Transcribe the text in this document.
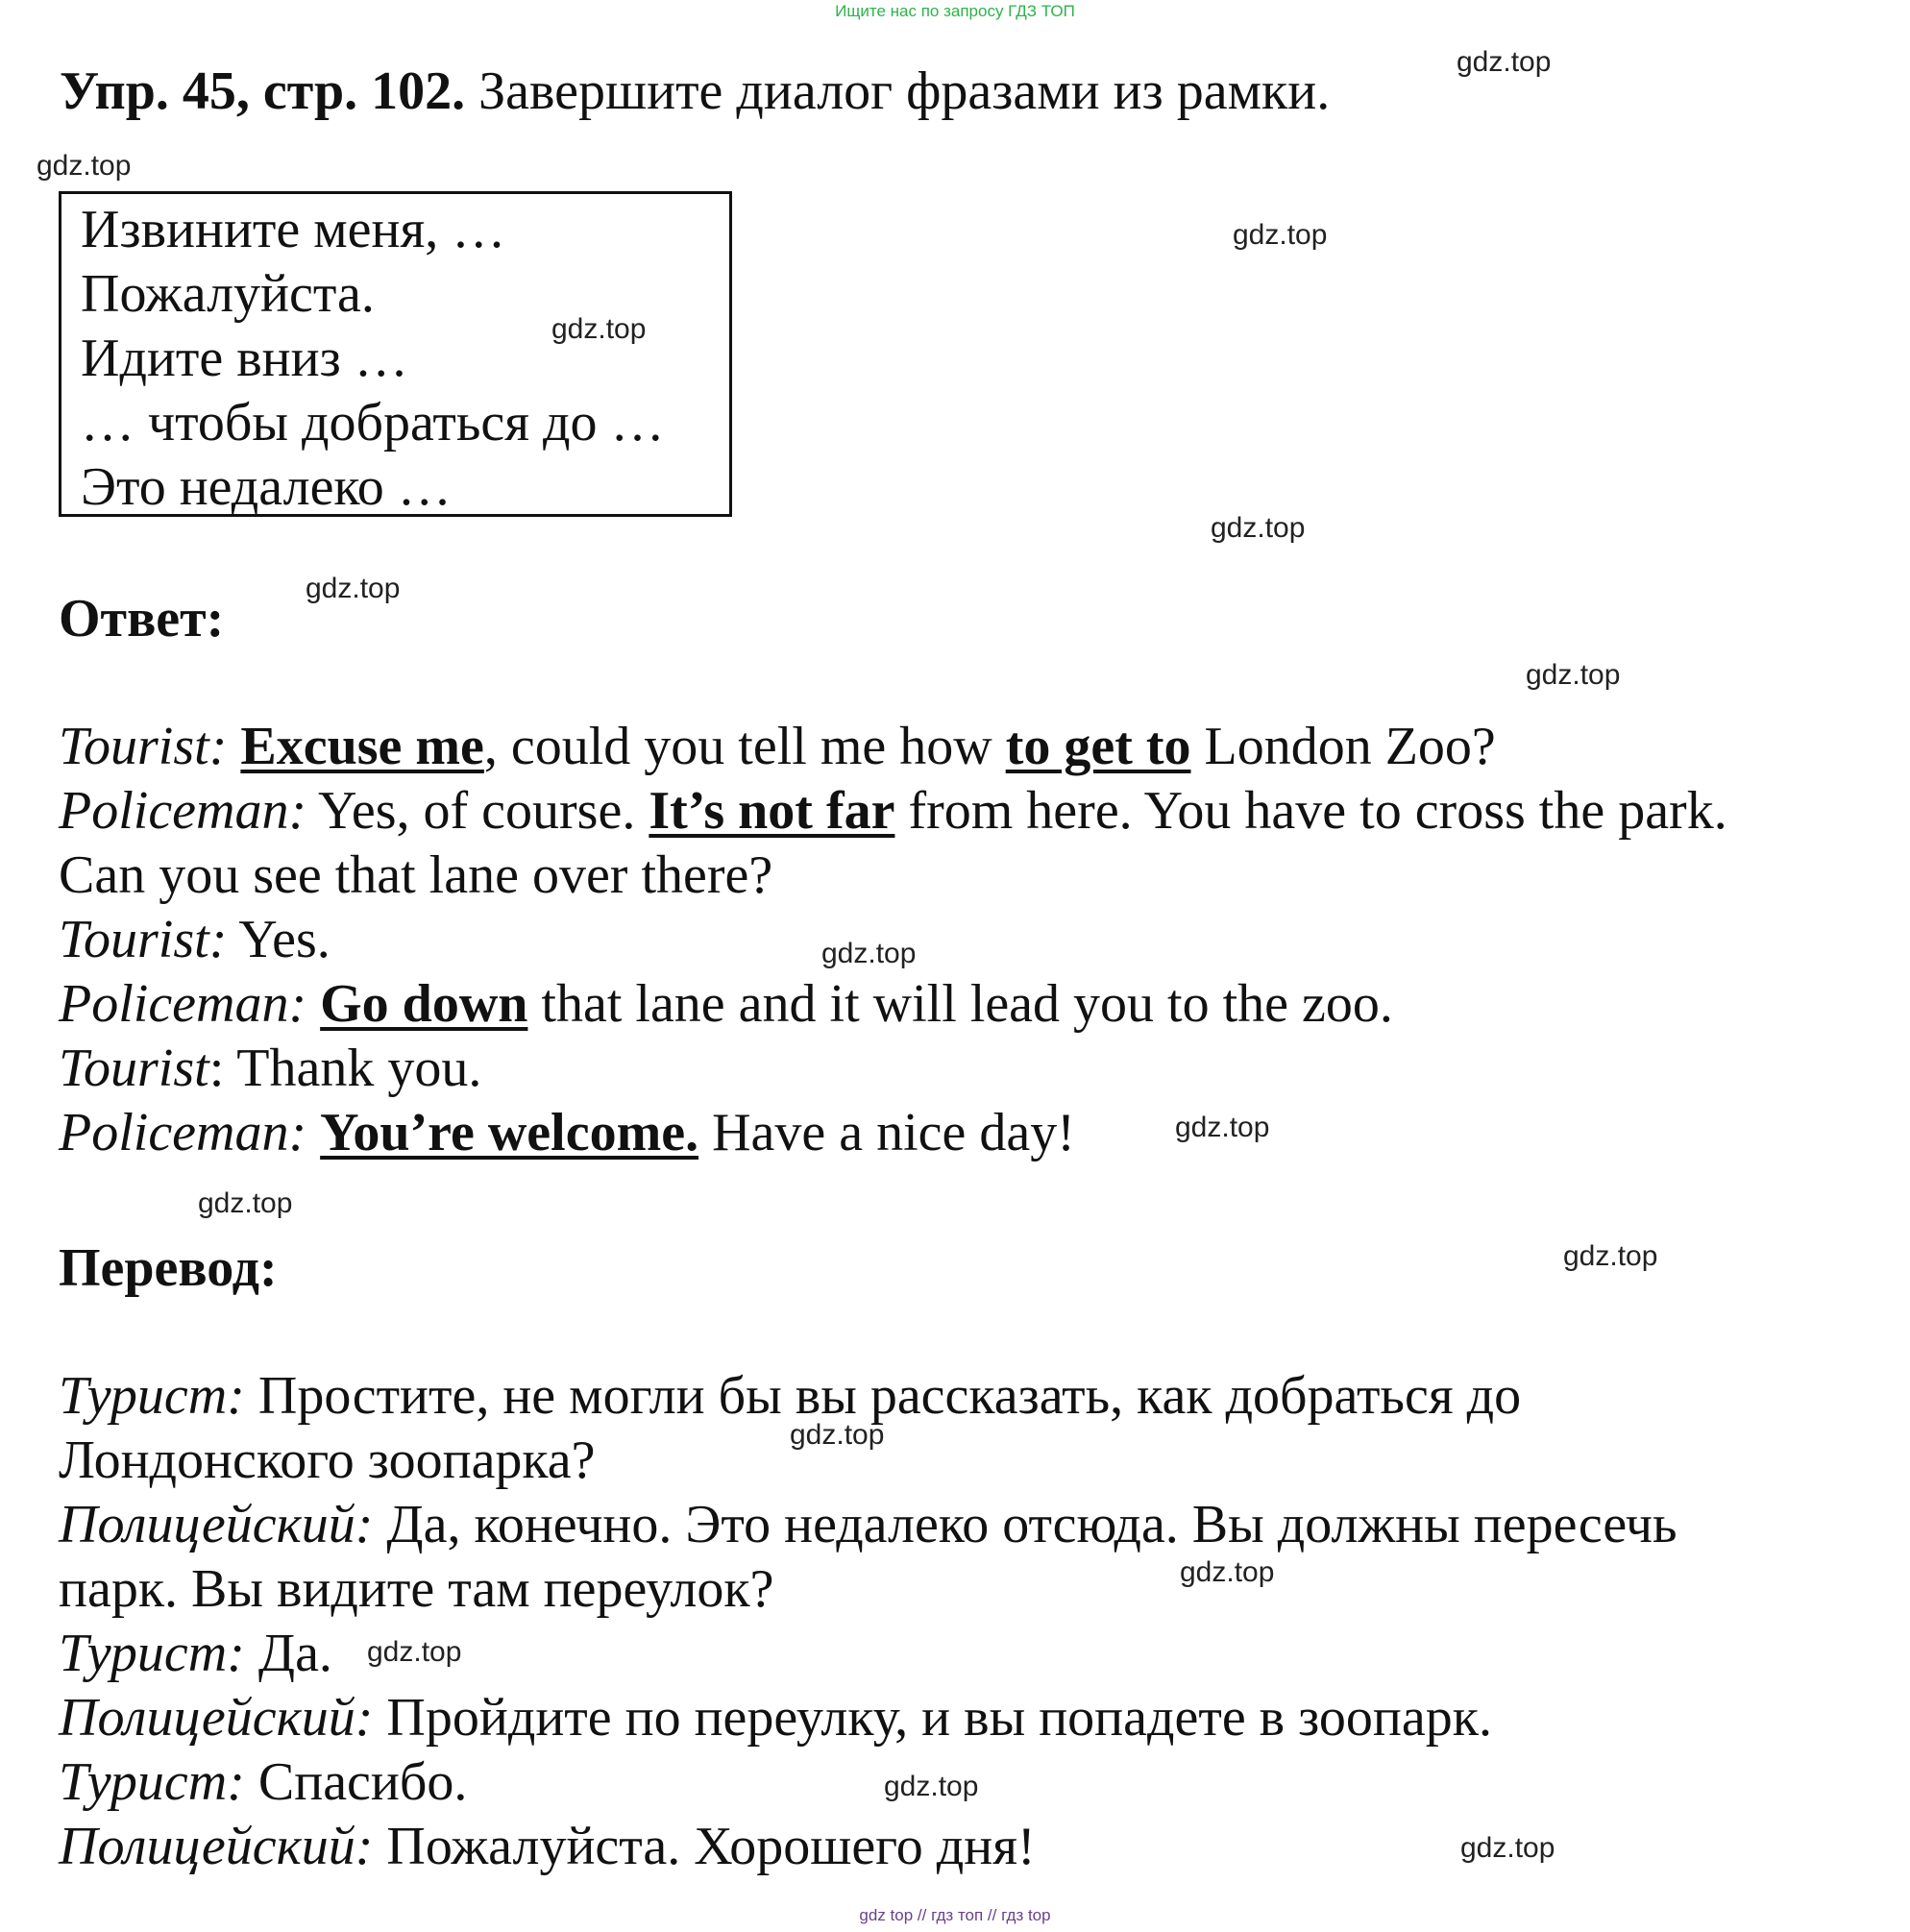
Ищите нас по запросу ГДЗ ТОП
Упр. 45, стр. 102. Завершите диалог фразами из рамки.
Извините меня, …
Пожалуйста.
Идите вниз …
… чтобы добраться до …
Это недалеко …
Ответ:
Tourist: Excuse me, could you tell me how to get to London Zoo?
Policeman: Yes, of course. It’s not far from here. You have to cross the park.
Can you see that lane over there?
Tourist: Yes.
Policeman: Go down that lane and it will lead you to the zoo.
Tourist: Thank you.
Policeman: You’re welcome. Have a nice day!
Перевод:
Турист: Простите, не могли бы вы рассказать, как добраться до
Лондонского зоопарка?
Полицейский: Да, конечно. Это недалеко отсюда. Вы должны пересечь
парк. Вы видите там переулок?
Турист: Да.
Полицейский: Пройдите по переулку, и вы попадете в зоопарк.
Турист: Спасибо.
Полицейский: Пожалуйста. Хорошего дня!
gdz.top
gdz.top
gdz.top
gdz.top
gdz.top
gdz.top
gdz.top
gdz.top
gdz.top
gdz.top
gdz.top
gdz.top
gdz.top
gdz.top
gdz.top
gdz.top
gdz top // гдз топ // гдз top
